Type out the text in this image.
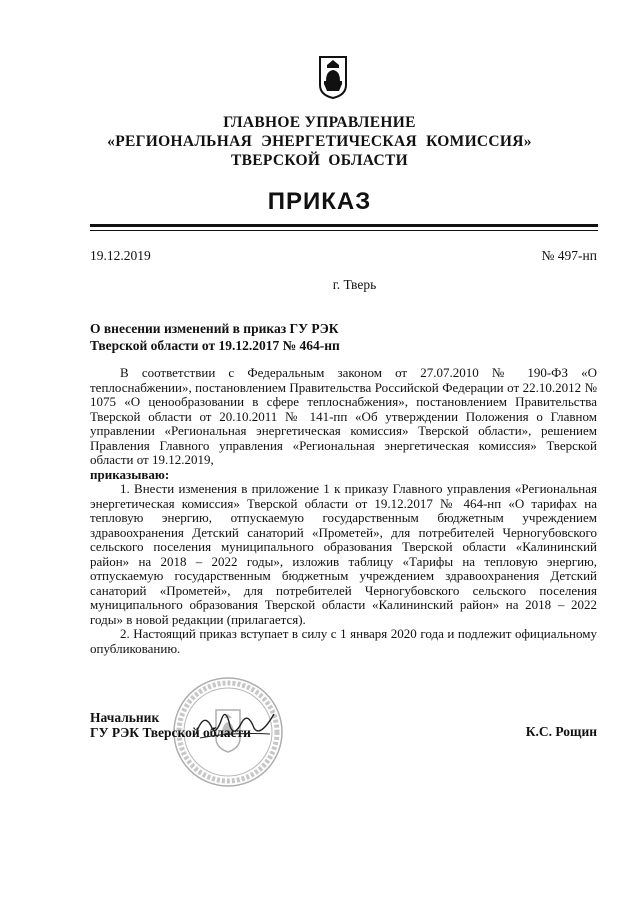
ГЛАВНОЕ УПРАВЛЕНИЕ
«РЕГИОНАЛЬНАЯ ЭНЕРГЕТИЧЕСКАЯ КОМИССИЯ»
ТВЕРСКОЙ ОБЛАСТИ
ПРИКАЗ
19.12.2019	№ 497-нп
г. Тверь
О внесении изменений в приказ ГУ РЭК
Тверской области от 19.12.2017 № 464-нп

В соответствии с Федеральным законом от 27.07.2010 № 190-ФЗ «О теплоснабжении», постановлением Правительства Российской Федерации от 22.10.2012 № 1075 «О ценообразовании в сфере теплоснабжения», постановлением Правительства Тверской области от 20.10.2011 № 141-пп «Об утверждении Положения о Главном управлении «Региональная энергетическая комиссия» Тверской области», решением Правления Главного управления «Региональная энергетическая комиссия» Тверской области от 19.12.2019,

приказываю:

1. Внести изменения в приложение 1 к приказу Главного управления «Региональная энергетическая комиссия» Тверской области от 19.12.2017 № 464-нп «О тарифах на тепловую энергию, отпускаемую государственным бюджетным учреждением здравоохранения Детский санаторий «Прометей», для потребителей Черногубовского сельского поселения муниципального образования Тверской области «Калининский район» на 2018 – 2022 годы», изложив таблицу «Тарифы на тепловую энергию, отпускаемую государственным бюджетным учреждением здравоохранения Детский санаторий «Прометей», для потребителей Черногубовского сельского поселения муниципального образования Тверской области «Калининский район» на 2018 – 2022 годы» в новой редакции (прилагается).

2. Настоящий приказ вступает в силу с 1 января 2020 года и подлежит официальному опубликованию.

Начальник
ГУ РЭК Тверской области	К.С. Рощин
